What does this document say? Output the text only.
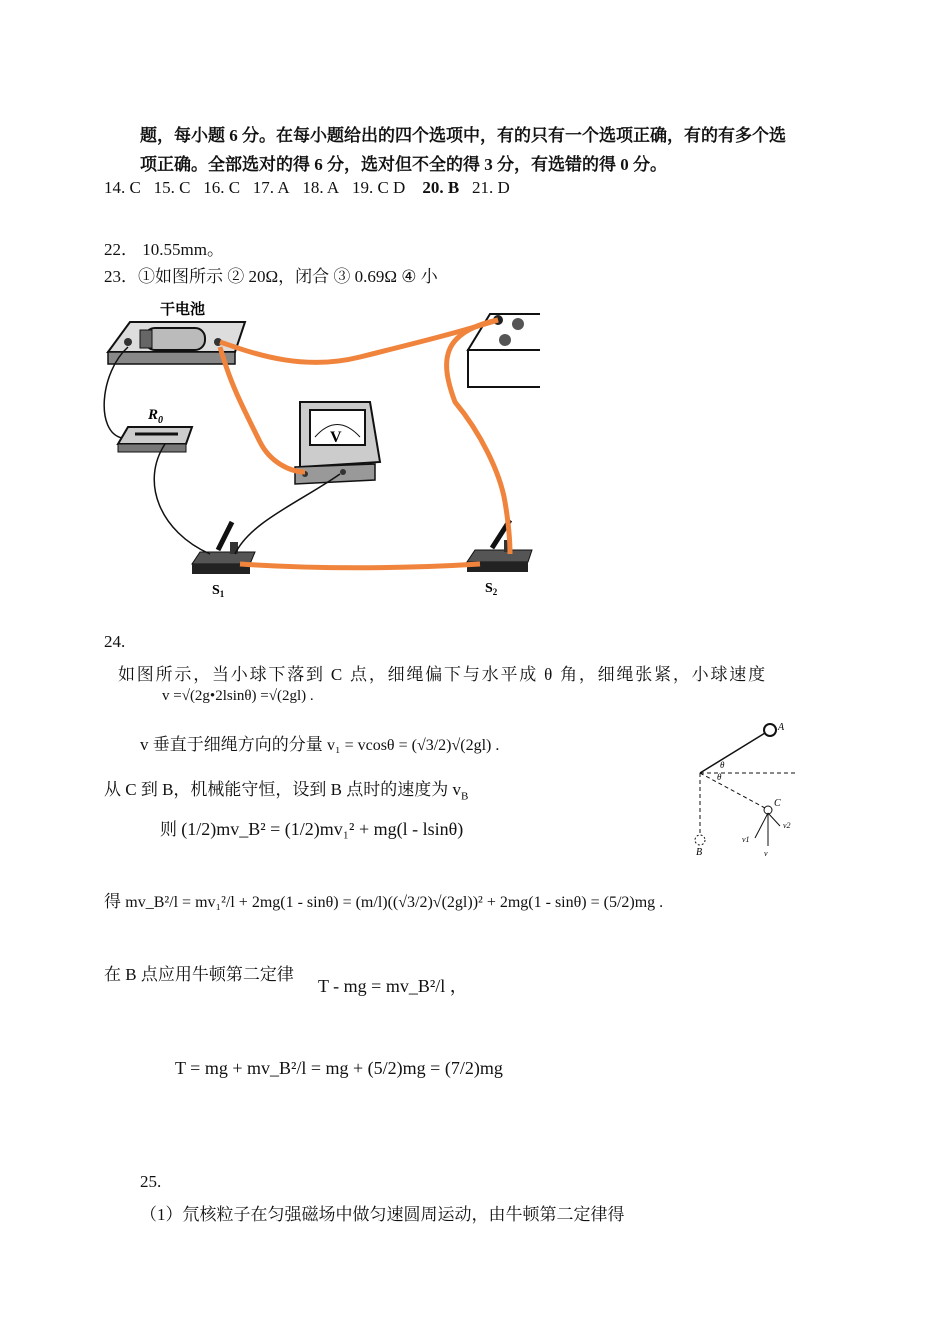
题，每小题 6 分。在每小题给出的四个选项中，有的只有一个选项正确，有的有多个选
项正确。全部选对的得 6 分，选对但不全的得 3 分，有选错的得 0 分。
14. C 15. C 16. C 17. A 18. A 19. C D 20. B 21. D
22． 10.55mm。
23．①如图所示 ② 20Ω，闭合 ③ 0.69Ω ④ 小
干电池
$R_0$
V
$S_1$	$S_2$
24.
如图所示，当小球下落到 C 点，细绳偏下与水平成 θ 角，细绳张紧，小球速度
v =√(2g•2lsinθ) =√(2gl) .
v 垂直于细绳方向的分量 v₁ = vcosθ = (√3/2)√(2gl) .
从 C 到 B，机械能守恒，设到 B 点时的速度为 $v_B$
则 (1/2)mv_B² = (1/2)mv₁² + mg(l - lsinθ)
得 mv_B²/l = mv₁²/l + 2mg(1 - sinθ) = (m/l)((√3/2)√(2gl))² + 2mg(1 - sinθ) = (5/2)mg .
在 B 点应用牛顿第二定律
T - mg = mv_B²/l ，
T = mg + mv_B²/l = mg + (5/2)mg = (7/2)mg
A
B
θ
θ
C
v
v1
v2
25.
（1）氘核粒子在匀强磁场中做匀速圆周运动，由牛顿第二定律得
